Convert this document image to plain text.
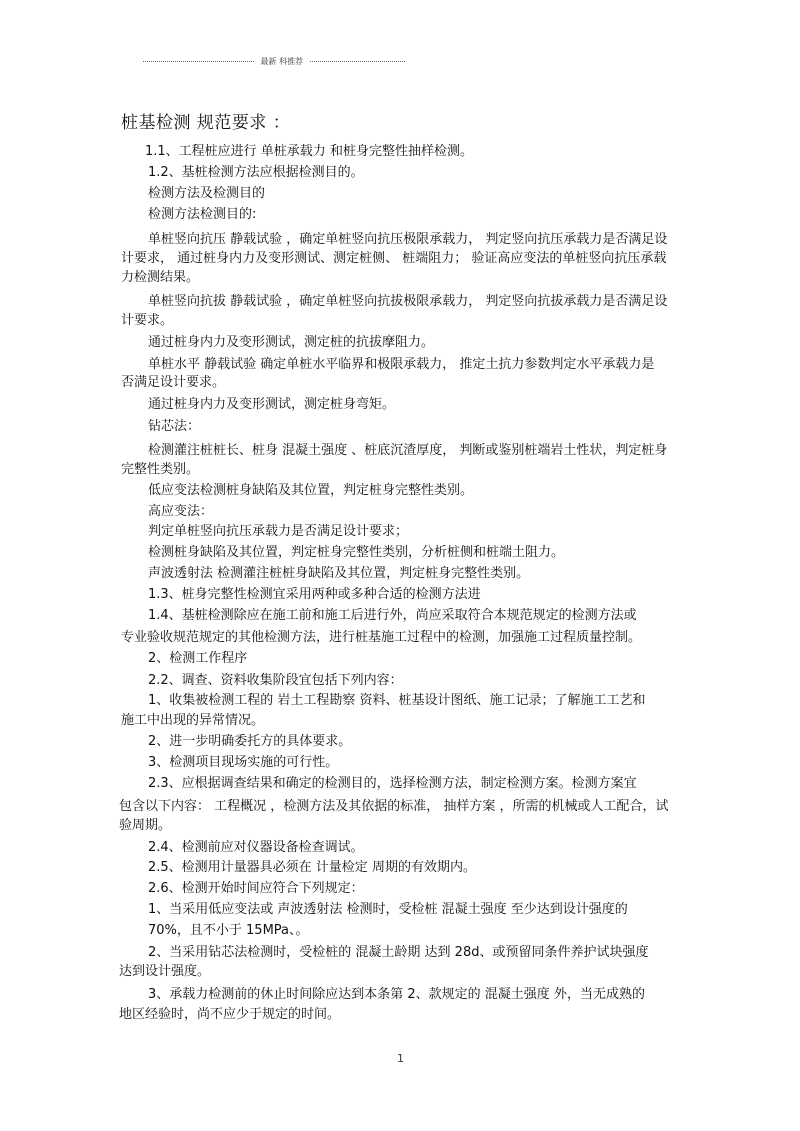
最新 科推荐
桩基检测 规范要求 ：
1.1、工程桩应进行 单桩承载力 和桩身完整性抽样检测。
1.2、基桩检测方法应根据检测目的。
检测方法及检测目的
检测方法检测目的:
单桩竖向抗压 静载试验 ，确定单桩竖向抗压极限承载力， 判定竖向抗压承载力是否满足设
计要求， 通过桩身内力及变形测试、测定桩侧、 桩端阻力； 验证高应变法的单桩竖向抗压承载
力检测结果。
单桩竖向抗拔 静载试验 ，确定单桩竖向抗拔极限承载力， 判定竖向抗拔承载力是否满足设
计要求。
通过桩身内力及变形测试，测定桩的抗拔摩阻力。
单桩水平 静载试验 确定单桩水平临界和极限承载力， 推定土抗力参数判定水平承载力是
否满足设计要求。
通过桩身内力及变形测试，测定桩身弯矩。
钻芯法：
检测灌注桩桩长、桩身 混凝土强度 、桩底沉渣厚度， 判断或鉴别桩端岩土性状，判定桩身
完整性类别。
低应变法检测桩身缺陷及其位置，判定桩身完整性类别。
高应变法：
判定单桩竖向抗压承载力是否满足设计要求；
检测桩身缺陷及其位置，判定桩身完整性类别，分析桩侧和桩端土阻力。
声波透射法 检测灌注桩桩身缺陷及其位置，判定桩身完整性类别。
1.3、桩身完整性检测宜采用两种或多种合适的检测方法进
1.4、基桩检测除应在施工前和施工后进行外，尚应采取符合本规范规定的检测方法或
专业验收规范规定的其他检测方法，进行桩基施工过程中的检测，加强施工过程质量控制。
2、检测工作程序
2.2、调查、资料收集阶段宜包括下列内容：
1、收集被检测工程的 岩土工程勘察 资料、桩基设计图纸、施工记录；了解施工工艺和
施工中出现的异常情况。
2、进一步明确委托方的具体要求。
3、检测项目现场实施的可行性。
2.3、应根据调查结果和确定的检测目的，选择检测方法，制定检测方案。检测方案宜
包含以下内容： 工程概况 ，检测方法及其依据的标准， 抽样方案 ，所需的机械或人工配合，试
验周期。
2.4、检测前应对仪器设备检查调试。
2.5、检测用计量器具必须在 计量检定 周期的有效期内。
2.6、检测开始时间应符合下列规定：
1、当采用低应变法或 声波透射法 检测时，受检桩 混凝土强度 至少达到设计强度的
70%，且不小于 15MPa、。
2、当采用钻芯法检测时，受检桩的 混凝土龄期 达到 28d、或预留同条件养护试块强度
达到设计强度。
3、承载力检测前的休止时间除应达到本条第 2、款规定的 混凝土强度 外，当无成熟的
地区经验时，尚不应少于规定的时间。
1
